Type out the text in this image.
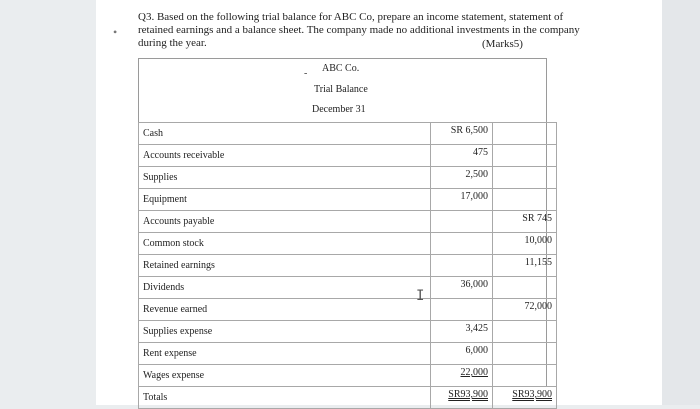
•
Q3. Based on the following trial balance for ABC Co, prepare an income statement, statement of
retained earnings and a balance sheet. The company made no additional investments in the company
during the year.	(Marks5)
- ABC Co.
Trial Balance
December 31
Cash	SR 6,500	
Accounts receivable	475	
Supplies	2,500	
Equipment	17,000	
Accounts payable		SR 745
Common stock		10,000
Retained earnings		11,155
Dividends	36,000	
Revenue earned		72,000
Supplies expense	3,425	
Rent expense	6,000	
Wages expense	22,000	
Totals	SR93,900	SR93,900
I
